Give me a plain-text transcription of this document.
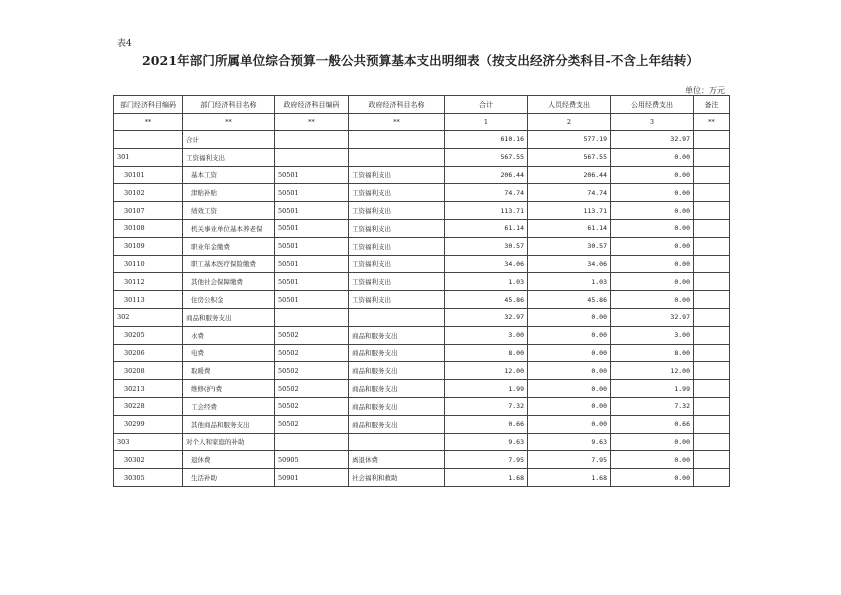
表4
2021年部门所属单位综合预算一般公共预算基本支出明细表（按支出经济分类科目-不含上年结转）
单位：万元
部门经济科目编码	部门经济科目名称	政府经济科目编码	政府经济科目名称	合计	人员经费支出	公用经费支出	备注
**	**	**	**	1	2	3	**
	合计			610.16	577.19	32.97	
301	工资福利支出			567.55	567.55	0.00	
30101	基本工资	50501	工资福利支出	206.44	206.44	0.00	
30102	津贴补贴	50501	工资福利支出	74.74	74.74	0.00	
30107	绩效工资	50501	工资福利支出	113.71	113.71	0.00	
30108	机关事业单位基本养老保	50501	工资福利支出	61.14	61.14	0.00	
30109	职业年金缴费	50501	工资福利支出	30.57	30.57	0.00	
30110	职工基本医疗保险缴费	50501	工资福利支出	34.06	34.06	0.00	
30112	其他社会保障缴费	50501	工资福利支出	1.03	1.03	0.00	
30113	住房公积金	50501	工资福利支出	45.86	45.86	0.00	
302	商品和服务支出			32.97	0.00	32.97	
30205	水费	50502	商品和服务支出	3.00	0.00	3.00	
30206	电费	50502	商品和服务支出	8.00	0.00	8.00	
30208	取暖费	50502	商品和服务支出	12.00	0.00	12.00	
30213	维修(护)费	50502	商品和服务支出	1.99	0.00	1.99	
30228	工会经费	50502	商品和服务支出	7.32	0.00	7.32	
30299	其他商品和服务支出	50502	商品和服务支出	0.66	0.00	0.66	
303	对个人和家庭的补助			9.63	9.63	0.00	
30302	退休费	50905	离退休费	7.95	7.95	0.00	
30305	生活补助	50901	社会福利和救助	1.68	1.68	0.00	
